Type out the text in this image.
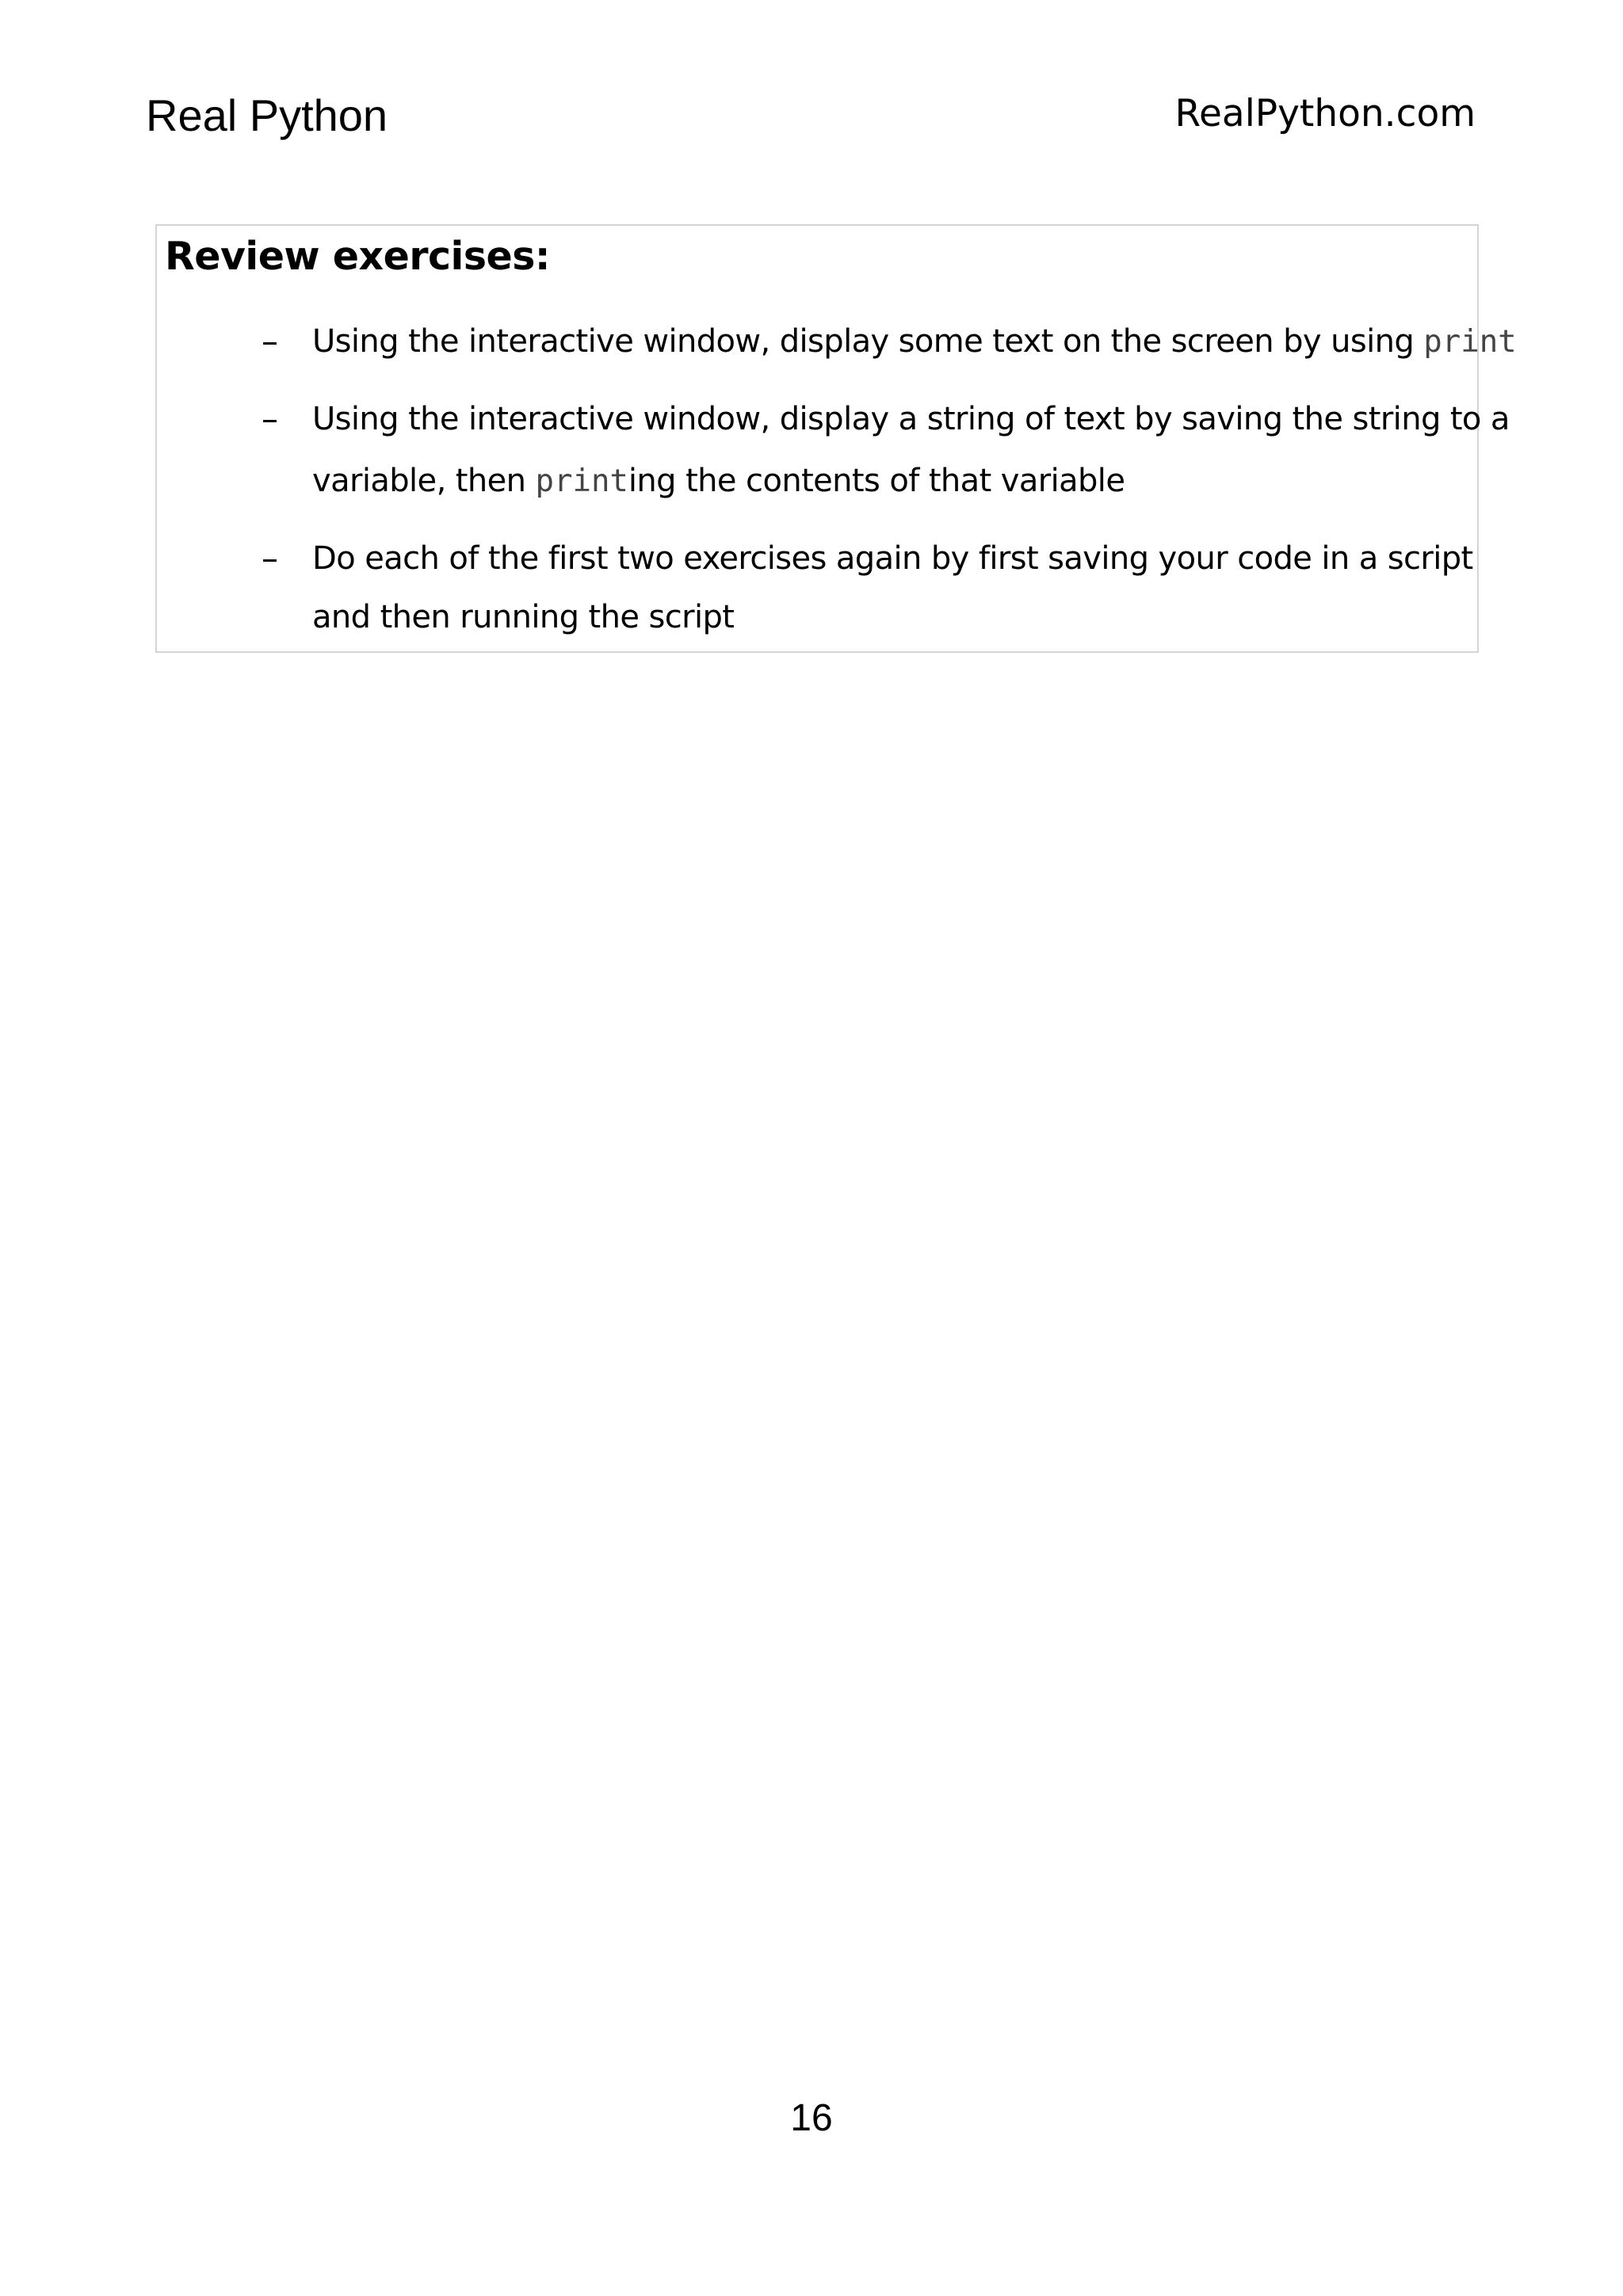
Real Python	RealPython.com
Review exercises:
– Using the interactive window, display some text on the screen by using print
– Using the interactive window, display a string of text by saving the string to a
variable, then printing the contents of that variable
– Do each of the first two exercises again by first saving your code in a script
and then running the script
16
